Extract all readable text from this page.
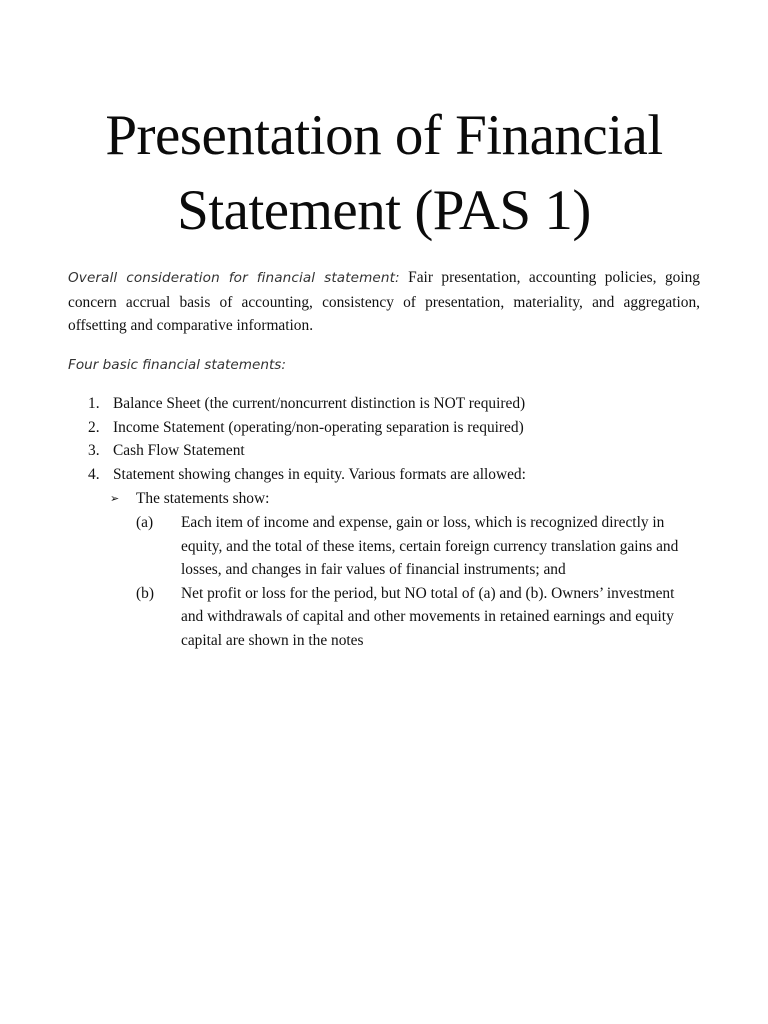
Presentation of Financial
Statement (PAS 1)

Overall consideration for financial statement: Fair presentation, accounting policies, going concern accrual basis of accounting, consistency of presentation, materiality, and aggregation, offsetting and comparative information.

Four basic financial statements:

1. Balance Sheet (the current/noncurrent distinction is NOT required)
2. Income Statement (operating/non-operating separation is required)
3. Cash Flow Statement
4. Statement showing changes in equity. Various formats are allowed:
➢ The statements show:
(a) Each item of income and expense, gain or loss, which is recognized directly in equity, and the total of these items, certain foreign currency translation gains and losses, and changes in fair values of financial instruments; and
(b) Net profit or loss for the period, but NO total of (a) and (b). Owners’ investment and withdrawals of capital and other movements in retained earnings and equity capital are shown in the notes
